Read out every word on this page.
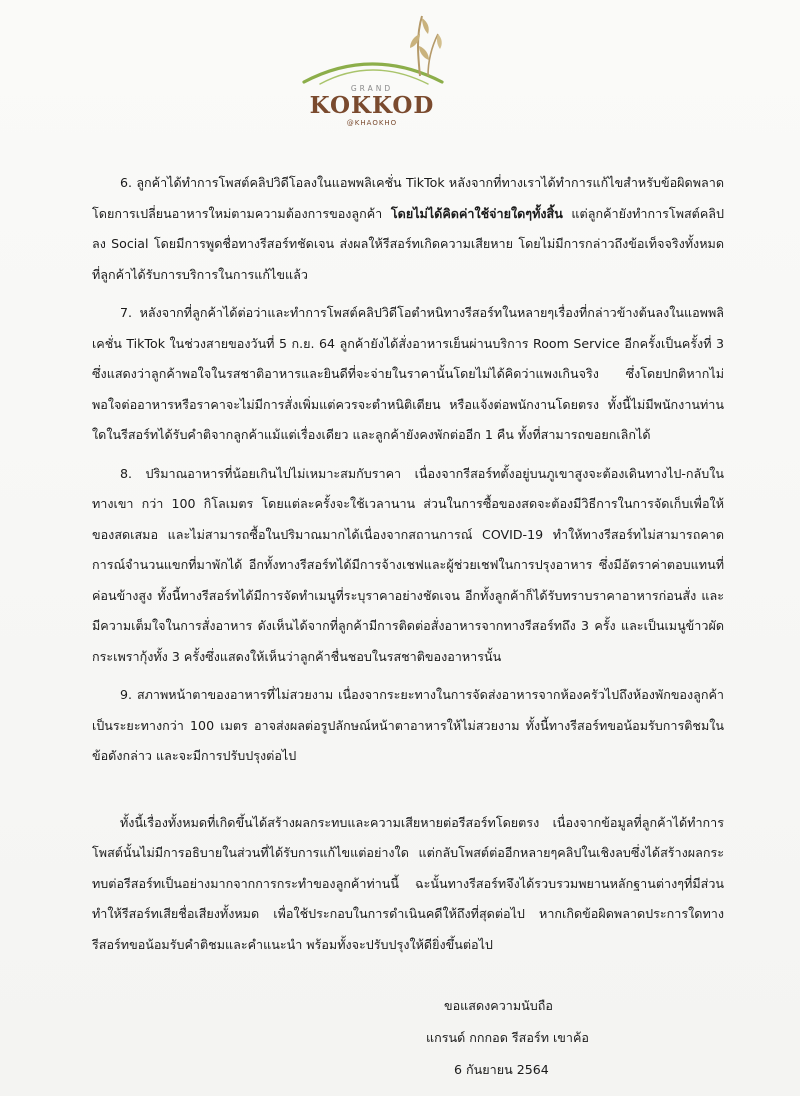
GRAND
KOKKOD
@KHAOKHO

6. ลูกค้าได้ทำการโพสต์คลิปวิดีโอลงในแอพพลิเคชั่น TikTok หลังจากที่ทางเราได้ทำการแก้ไขสำหรับข้อผิดพลาดโดยการเปลี่ยนอาหารใหม่ตามความต้องการของลูกค้า โดยไม่ได้คิดค่าใช้จ่ายใดๆทั้งสิ้น แต่ลูกค้ายังทำการโพสต์คลิปลง Social โดยมีการพูดชื่อทางรีสอร์ทชัดเจน ส่งผลให้รีสอร์ทเกิดความเสียหาย โดยไม่มีการกล่าวถึงข้อเท็จจริงทั้งหมดที่ลูกค้าได้รับการบริการในการแก้ไขแล้ว

7. หลังจากที่ลูกค้าได้ต่อว่าและทำการโพสต์คลิปวิดีโอตำหนิทางรีสอร์ทในหลายๆเรื่องที่กล่าวข้างต้นลงในแอพพลิเคชั่น TikTok ในช่วงสายของวันที่ 5 ก.ย. 64 ลูกค้ายังได้สั่งอาหารเย็นผ่านบริการ Room Service อีกครั้งเป็นครั้งที่ 3 ซึ่งแสดงว่าลูกค้าพอใจในรสชาติอาหารและยินดีที่จะจ่ายในราคานั้นโดยไม่ได้คิดว่าแพงเกินจริง ซึ่งโดยปกติหากไม่พอใจต่ออาหารหรือราคาจะไม่มีการสั่งเพิ่มแต่ควรจะตำหนิติเตียน หรือแจ้งต่อพนักงานโดยตรง ทั้งนี้ไม่มีพนักงานท่านใดในรีสอร์ทได้รับคำติจากลูกค้าแม้แต่เรื่องเดียว และลูกค้ายังคงพักต่ออีก 1 คืน ทั้งที่สามารถขอยกเลิกได้

8. ปริมาณอาหารที่น้อยเกินไปไม่เหมาะสมกับราคา เนื่องจากรีสอร์ทตั้งอยู่บนภูเขาสูงจะต้องเดินทางไป-กลับในทางเขา กว่า 100 กิโลเมตร โดยแต่ละครั้งจะใช้เวลานาน ส่วนในการซื้อของสดจะต้องมีวิธีการในการจัดเก็บเพื่อให้ของสดเสมอ และไม่สามารถซื้อในปริมาณมากได้เนื่องจากสถานการณ์ COVID-19 ทำให้ทางรีสอร์ทไม่สามารถคาดการณ์จำนวนแขกที่มาพักได้ อีกทั้งทางรีสอร์ทได้มีการจ้างเชฟและผู้ช่วยเชฟในการปรุงอาหาร ซึ่งมีอัตราค่าตอบแทนที่ค่อนข้างสูง ทั้งนี้ทางรีสอร์ทได้มีการจัดทำเมนูที่ระบุราคาอย่างชัดเจน อีกทั้งลูกค้าก็ได้รับทราบราคาอาหารก่อนสั่ง และมีความเต็มใจในการสั่งอาหาร ดังเห็นได้จากที่ลูกค้ามีการติดต่อสั่งอาหารจากทางรีสอร์ทถึง 3 ครั้ง และเป็นเมนูข้าวผัดกระเพรากุ้งทั้ง 3 ครั้งซึ่งแสดงให้เห็นว่าลูกค้าชื่นชอบในรสชาติของอาหารนั้น

9. สภาพหน้าตาของอาหารที่ไม่สวยงาม เนื่องจากระยะทางในการจัดส่งอาหารจากห้องครัวไปถึงห้องพักของลูกค้าเป็นระยะทางกว่า 100 เมตร อาจส่งผลต่อรูปลักษณ์หน้าตาอาหารให้ไม่สวยงาม ทั้งนี้ทางรีสอร์ทขอน้อมรับการติชมในข้อดังกล่าว และจะมีการปรับปรุงต่อไป

ทั้งนี้เรื่องทั้งหมดที่เกิดขึ้นได้สร้างผลกระทบและความเสียหายต่อรีสอร์ทโดยตรง เนื่องจากข้อมูลที่ลูกค้าได้ทำการโพสต์นั้นไม่มีการอธิบายในส่วนที่ได้รับการแก้ไขแต่อย่างใด แต่กลับโพสต์ต่ออีกหลายๆคลิปในเชิงลบซึ่งได้สร้างผลกระทบต่อรีสอร์ทเป็นอย่างมากจากการกระทำของลูกค้าท่านนี้ ฉะนั้นทางรีสอร์ทจึงได้รวบรวมพยานหลักฐานต่างๆที่มีส่วนทำให้รีสอร์ทเสียชื่อเสียงทั้งหมด เพื่อใช้ประกอบในการดำเนินคดีให้ถึงที่สุดต่อไป หากเกิดข้อผิดพลาดประการใดทางรีสอร์ทขอน้อมรับคำติชมและคำแนะนำ พร้อมทั้งจะปรับปรุงให้ดียิ่งขึ้นต่อไป

ขอแสดงความนับถือ
แกรนด์ กกกอด รีสอร์ท เขาค้อ
6 กันยายน 2564
